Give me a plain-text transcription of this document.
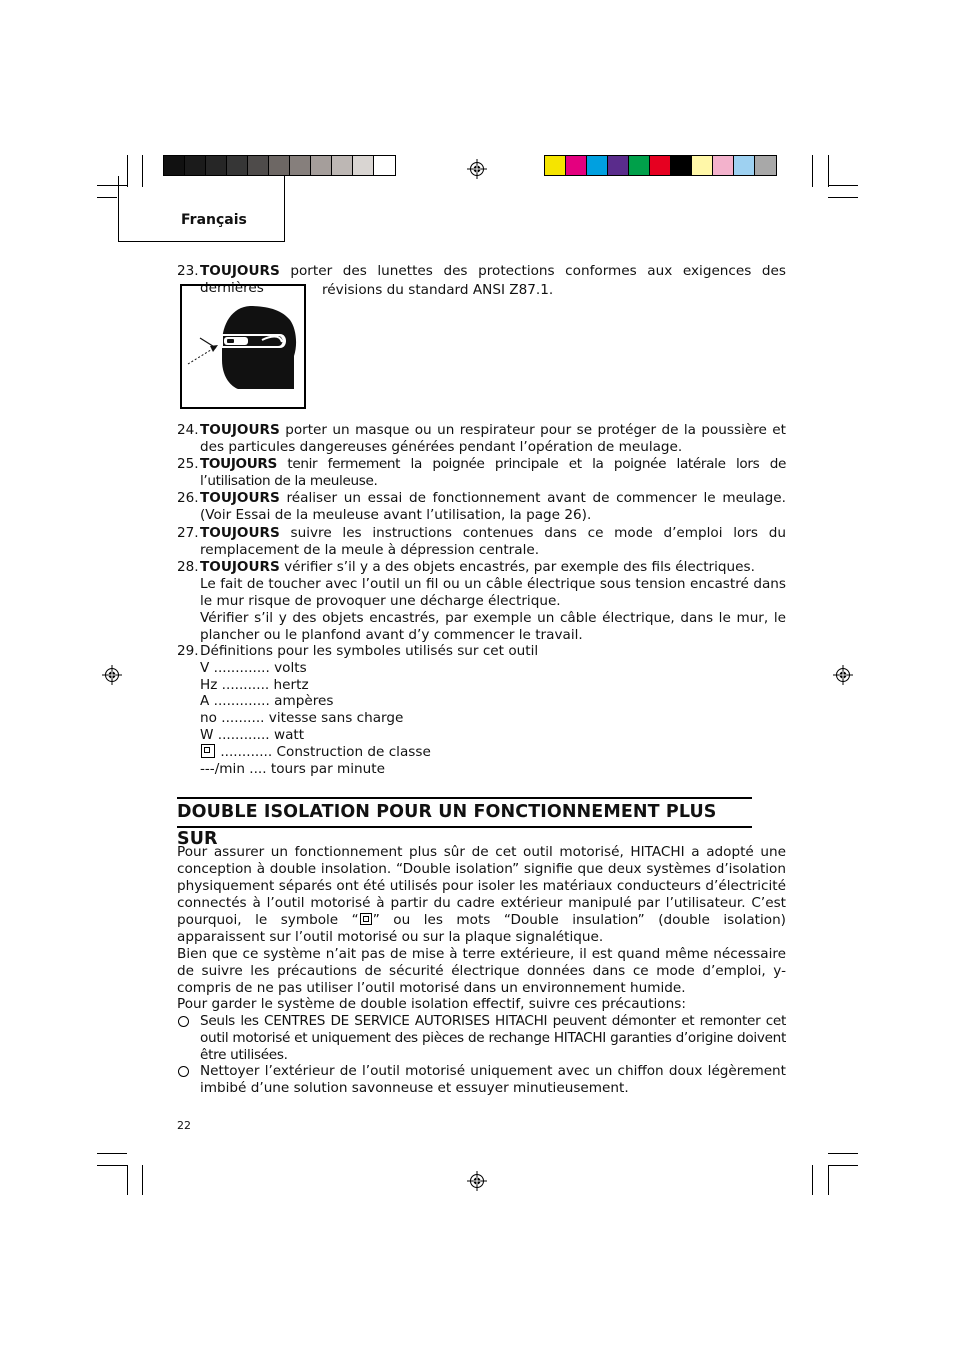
Français
23. TOUJOURS porter des lunettes des protections conformes aux exigences des dernières	révisions du standard ANSI Z87.1.
24. TOUJOURS porter un masque ou un respirateur pour se protéger de la poussière et des particules dangereuses générées pendant l’opération de meulage.
25. TOUJOURS tenir fermement la poignée principale et la poignée latérale lors de l’utilisation de la meuleuse.
26. TOUJOURS réaliser un essai de fonctionnement avant de commencer le meulage. (Voir Essai de la meuleuse avant l’utilisation, la page 26).
27. TOUJOURS suivre les instructions contenues dans ce mode d’emploi lors du remplacement de la meule à dépression centrale.
28. TOUJOURS vérifier s’il y a des objets encastrés, par exemple des fils électriques.
Le fait de toucher avec l’outil un fil ou un câble électrique sous tension encastré dans le mur risque de provoquer une décharge électrique.
Vérifier s’il y des objets encastrés, par exemple un câble électrique, dans le mur, le plancher ou le planfond avant d’y commencer le travail.
29. Définitions pour les symboles utilisés sur cet outil
V ............. volts
Hz ........... hertz
A ............. ampères
no .......... vitesse sans charge
W ............ watt
............ Construction de classe
---/min .... tours par minute
DOUBLE ISOLATION POUR UN FONCTIONNEMENT PLUS SUR
Pour assurer un fonctionnement plus sûr de cet outil motorisé, HITACHI a adopté une conception à double insolation. “Double isolation” signifie que deux systèmes d’isolation physiquement séparés ont été utilisés pour isoler les matériaux conducteurs d’électricité connectés à l’outil motorisé à partir du cadre extérieur manipulé par l’utilisateur. C’est pourquoi, le symbole “ ” ou les mots “Double insulation” (double isolation) apparaissent sur l’outil motorisé ou sur la plaque signalétique.
Bien que ce système n’ait pas de mise à terre extérieure, il est quand même nécessaire de suivre les précautions de sécurité électrique données dans ce mode d’emploi, y-compris de ne pas utiliser l’outil motorisé dans un environnement humide.
Pour garder le système de double isolation effectif, suivre ces précautions:
Seuls les CENTRES DE SERVICE AUTORISES HITACHI peuvent démonter et remonter cet outil motorisé et uniquement des pièces de rechange HITACHI garanties d’origine doivent être utilisées.
Nettoyer l’extérieur de l’outil motorisé uniquement avec un chiffon doux légèrement imbibé d’une solution savonneuse et essuyer minutieusement.
22
